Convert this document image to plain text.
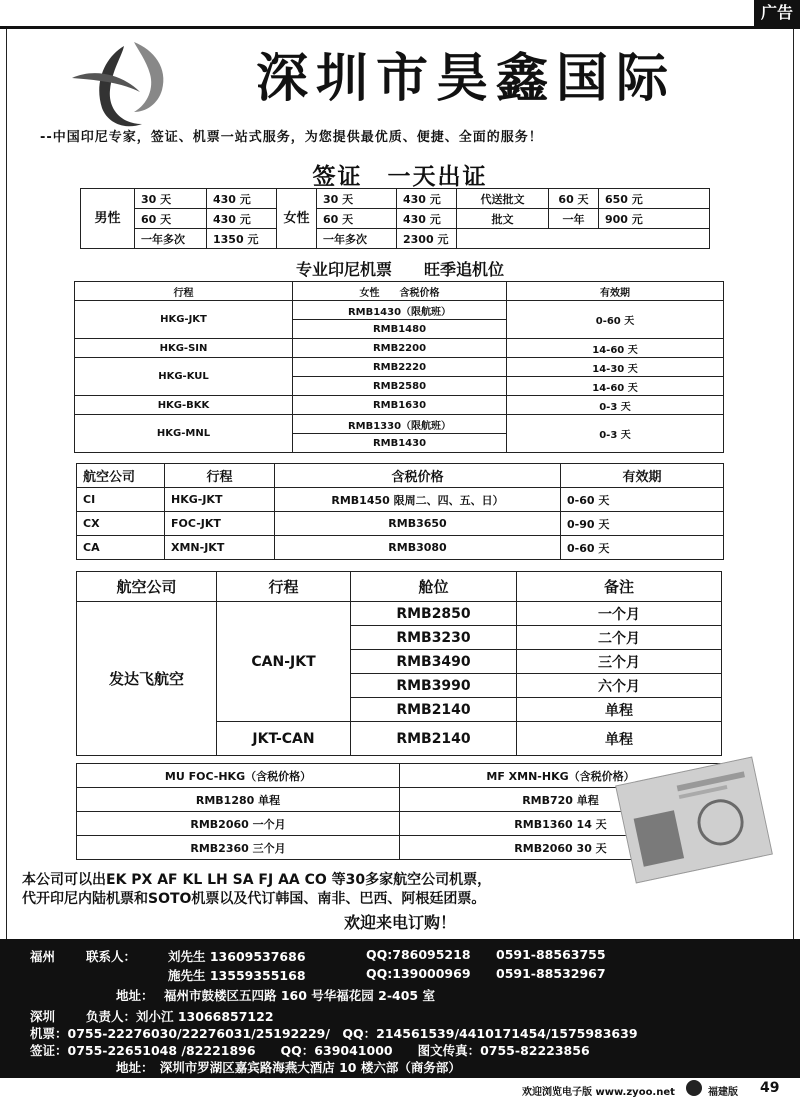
广告
深圳市昊鑫国际
--中国印尼专家，签证、机票一站式服务，为您提供最优质、便捷、全面的服务！
签证　一天出证
男性	30 天	430 元	女性	30 天	430 元	代送批文	60 天	650 元
	60 天	430 元		60 天	430 元	批文	一年	900 元
	一年多次	1350 元		一年多次	2300 元			
专业印尼机票　　旺季追机位
行程	女性　　含税价格	有效期
HKG-JKT	RMB1430（限航班）	0-60 天
	RMB1480	
HKG-SIN	RMB2200	14-60 天
HKG-KUL	RMB2220	14-30 天
	RMB2580	14-60 天
HKG-BKK	RMB1630	0-3 天
HKG-MNL	RMB1330（限航班）	0-3 天
	RMB1430	
航空公司	行程	含税价格	有效期
CI	HKG-JKT	RMB1450 限周二、四、五、日）	0-60 天
CX	FOC-JKT	RMB3650	0-90 天
CA	XMN-JKT	RMB3080	0-60 天
航空公司	行程	舱位	备注
发达飞航空	CAN-JKT	RMB2850	一个月
		RMB3230	二个月
		RMB3490	三个月
		RMB3990	六个月
		RMB2140	单程
	JKT-CAN	RMB2140	单程
MU FOC-HKG（含税价格）	MF XMN-HKG（含税价格）
RMB1280 单程	RMB720 单程
RMB2060 一个月	RMB1360 14 天
RMB2360 三个月	RMB2060 30 天
本公司可以出EK PX AF KL LH SA FJ AA CO 等30多家航空公司机票，
代开印尼内陆机票和SOTO机票以及代订韩国、南非、巴西、阿根廷团票。
欢迎来电订购！
福州 联系人：	刘先生 13609537686	QQ:786095218 0591-88563755
施先生 13559355168	QQ:139000969 0591-88532967
地址： 福州市鼓楼区五四路 160 号华福花园 2-405 室
深圳 负责人：刘小江 13066857122
机票：0755-22276030/22276031/25192229/　QQ：214561539/4410171454/1575983639
签证：0755-22651048 /82221896　　QQ：639041000　　图文传真：0755-82223856
地址：　深圳市罗湖区嘉宾路海燕大酒店 10 楼六部（商务部）
欢迎浏览电子版 www.zyoo.net	福建版 49
